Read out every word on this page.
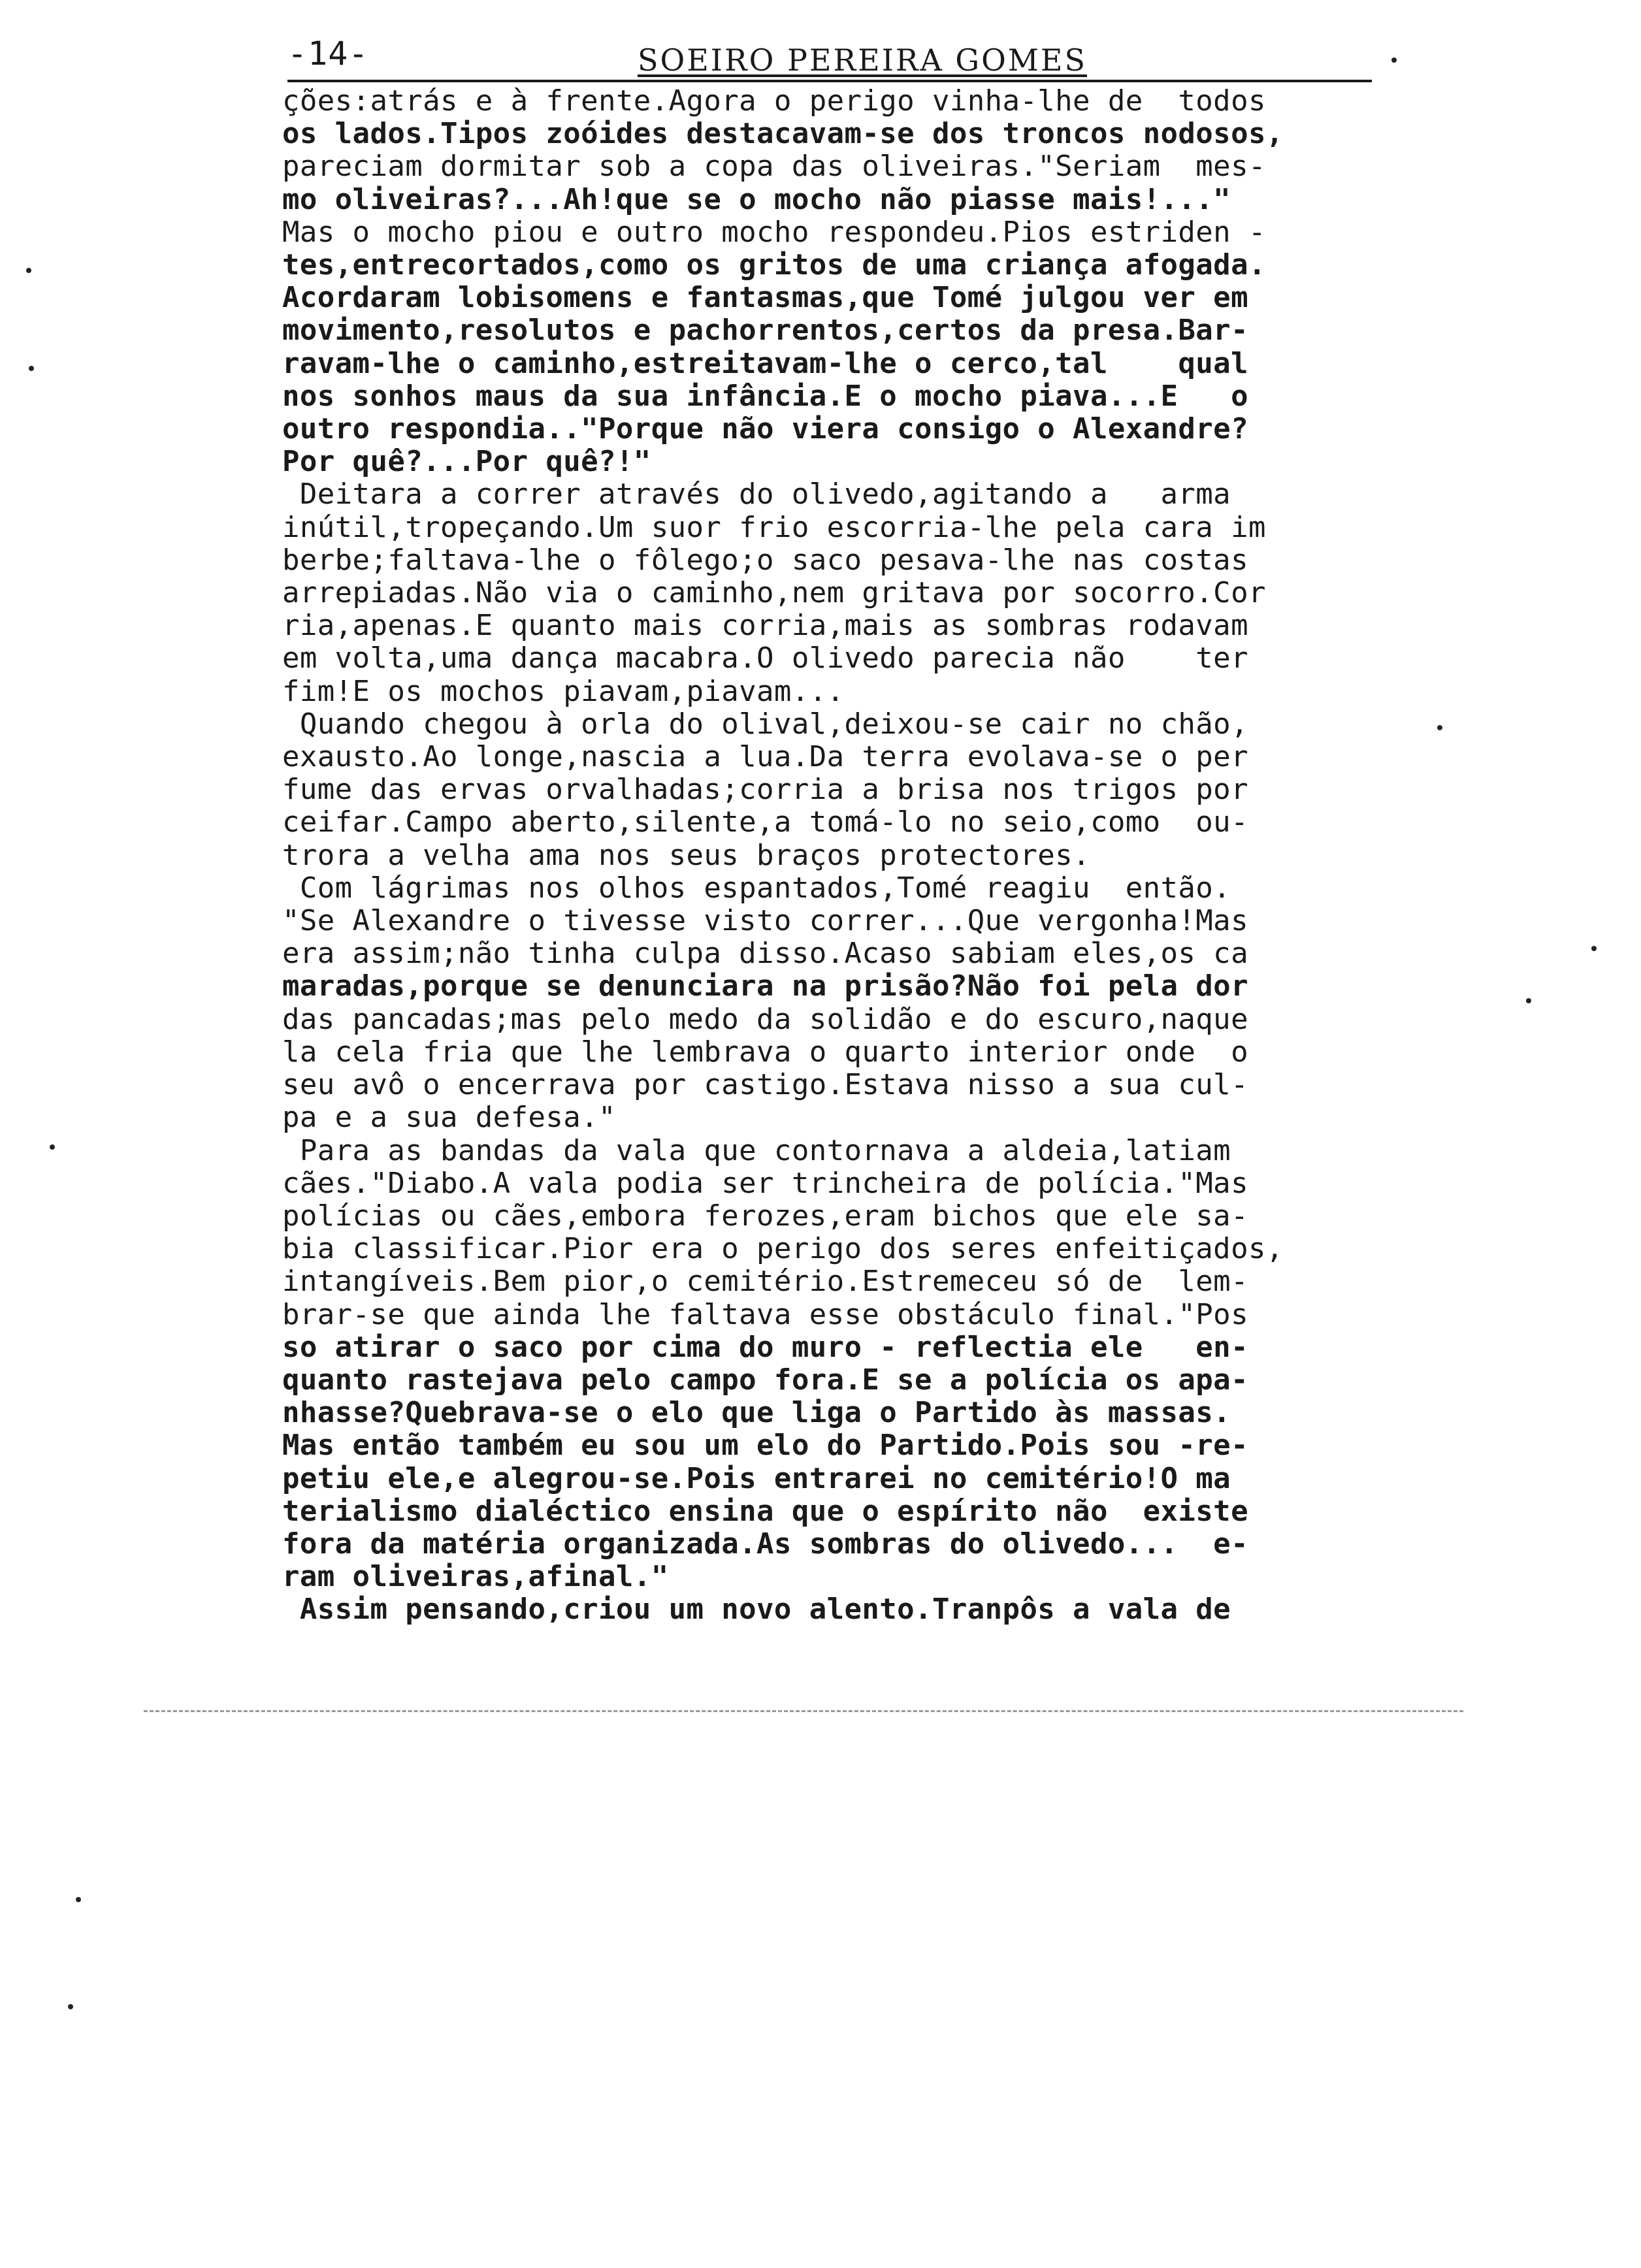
-14-	SOEIRO PEREIRA GOMES
ções:atrás e à frente.Agora o perigo vinha-lhe de  todos
os lados.Tipos zoóides destacavam-se dos troncos nodosos,
pareciam dormitar sob a copa das oliveiras."Seriam  mes-
mo oliveiras?...Ah!que se o mocho não piasse mais!..."
Mas o mocho piou e outro mocho respondeu.Pios estriden -
tes,entrecortados,como os gritos de uma criança afogada.
Acordaram lobisomens e fantasmas,que Tomé julgou ver em
movimento,resolutos e pachorrentos,certos da presa.Bar-
ravam-lhe o caminho,estreitavam-lhe o cerco,tal    qual
nos sonhos maus da sua infância.E o mocho piava...E   o
outro respondia.."Porque não viera consigo o Alexandre?
Por quê?...Por quê?!"
Deitara a correr através do olivedo,agitando a   arma
inútil,tropeçando.Um suor frio escorria-lhe pela cara im
berbe;faltava-lhe o fôlego;o saco pesava-lhe nas costas
arrepiadas.Não via o caminho,nem gritava por socorro.Cor
ria,apenas.E quanto mais corria,mais as sombras rodavam
em volta,uma dança macabra.O olivedo parecia não    ter
fim!E os mochos piavam,piavam...
Quando chegou à orla do olival,deixou-se cair no chão,
exausto.Ao longe,nascia a lua.Da terra evolava-se o per
fume das ervas orvalhadas;corria a brisa nos trigos por
ceifar.Campo aberto,silente,a tomá-lo no seio,como  ou-
trora a velha ama nos seus braços protectores.
Com lágrimas nos olhos espantados,Tomé reagiu  então.
"Se Alexandre o tivesse visto correr...Que vergonha!Mas
era assim;não tinha culpa disso.Acaso sabiam eles,os ca
maradas,porque se denunciara na prisão?Não foi pela dor
das pancadas;mas pelo medo da solidão e do escuro,naque
la cela fria que lhe lembrava o quarto interior onde  o
seu avô o encerrava por castigo.Estava nisso a sua cul-
pa e a sua defesa."
Para as bandas da vala que contornava a aldeia,latiam
cães."Diabo.A vala podia ser trincheira de polícia."Mas
polícias ou cães,embora ferozes,eram bichos que ele sa-
bia classificar.Pior era o perigo dos seres enfeitiçados,
intangíveis.Bem pior,o cemitério.Estremeceu só de  lem-
brar-se que ainda lhe faltava esse obstáculo final."Pos
so atirar o saco por cima do muro - reflectia ele   en-
quanto rastejava pelo campo fora.E se a polícia os apa-
nhasse?Quebrava-se o elo que liga o Partido às massas.
Mas então também eu sou um elo do Partido.Pois sou -re-
petiu ele,e alegrou-se.Pois entrarei no cemitério!O ma
terialismo dialéctico ensina que o espírito não  existe
fora da matéria organizada.As sombras do olivedo...  e-
ram oliveiras,afinal."
Assim pensando,criou um novo alento.Tranpôs a vala de
